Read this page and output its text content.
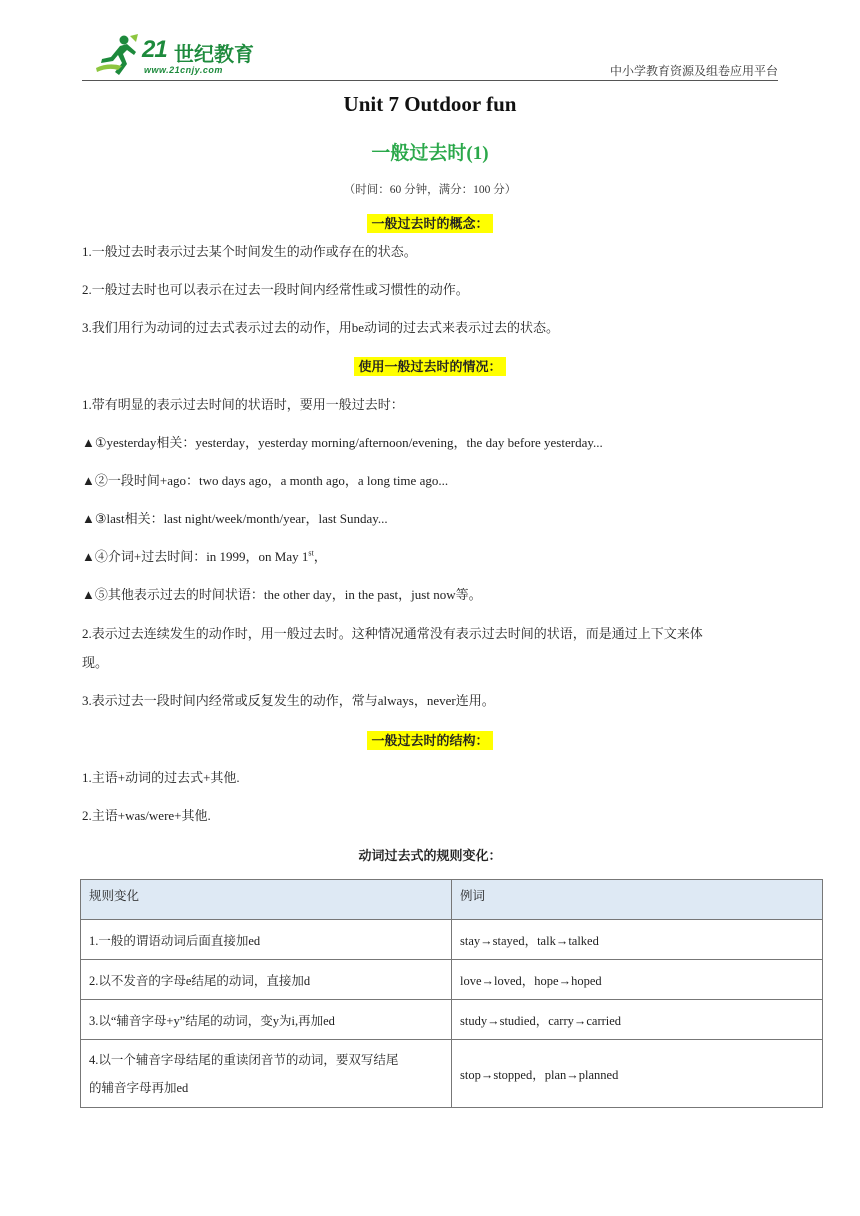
21 世纪教育
www.21cnjy.com	中小学教育资源及组卷应用平台
Unit 7 Outdoor fun
一般过去时(1)
（时间：60 分钟，满分：100 分）
一般过去时的概念：
1.一般过去时表示过去某个时间发生的动作或存在的状态。
2.一般过去时也可以表示在过去一段时间内经常性或习惯性的动作。
3.我们用行为动词的过去式表示过去的动作，用be动词的过去式来表示过去的状态。
使用一般过去时的情况：
1.带有明显的表示过去时间的状语时，要用一般过去时：
▲①yesterday相关：yesterday，yesterday morning/afternoon/evening，the day before yesterday...
▲②一段时间+ago：two days ago，a month ago，a long time ago...
▲③last相关：last night/week/month/year，last Sunday...
▲④介词+过去时间：in 1999，on May 1st，
▲⑤其他表示过去的时间状语：the other day，in the past，just now等。
2.表示过去连续发生的动作时，用一般过去时。这种情况通常没有表示过去时间的状语，而是通过上下文来体
现。
3.表示过去一段时间内经常或反复发生的动作，常与always，never连用。
一般过去时的结构：
1.主语+动词的过去式+其他.
2.主语+was/were+其他.
动词过去式的规则变化：
规则变化	例词
1.一般的谓语动词后面直接加ed	stay→stayed，talk→talked
2.以不发音的字母e结尾的动词，直接加d	love→loved，hope→hoped
3.以“辅音字母+y”结尾的动词，变y为i,再加ed	study→studied，carry→carried
4.以一个辅音字母结尾的重读闭音节的动词，要双写结尾
的辅音字母再加ed	stop→stopped，plan→planned
